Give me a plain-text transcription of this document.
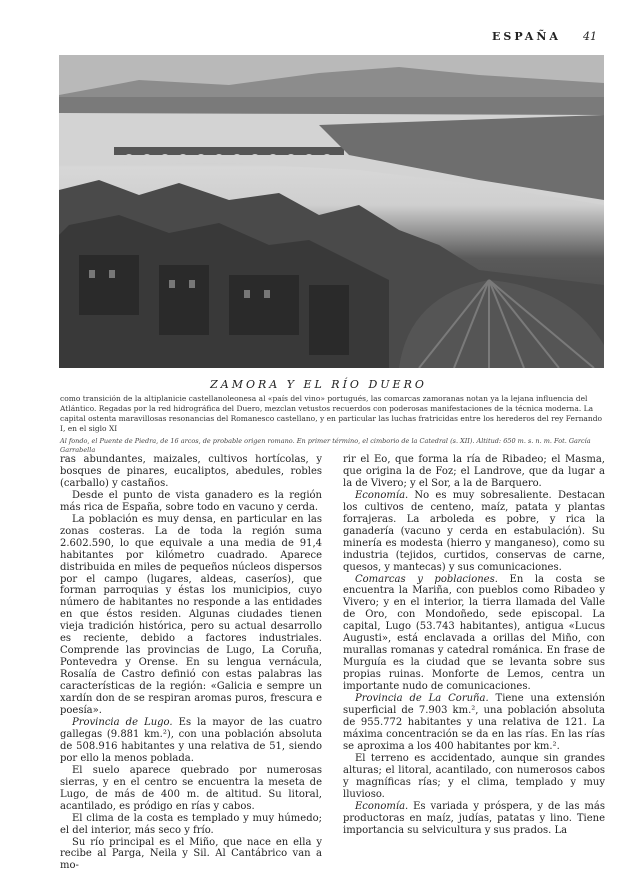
ESPAÑA 41
ZAMORA Y EL RÍO DUERO
como transición de la altiplanicie castellanoleonesa al «país del vino» portugués, las comarcas zamoranas notan ya la lejana influencia del Atlántico. Regadas por la red hidrográfica del Duero, mezclan vetustos recuerdos con poderosas manifestaciones de la técnica moderna. La capital ostenta maravillosas resonancias del Romanesco castellano, y en particular las luchas fratricidas entre los herederos del rey Fernando I, en el siglo XI
Al fondo, el Puente de Piedra, de 16 arcos, de probable origen romano. En primer término, el cimborio de la Catedral (s. XII). Altitud: 650 m. s. n. m. Fot. García Garrabella

ras abundantes, maizales, cultivos hortícolas, y bosques de pinares, eucaliptos, abedules, robles (carballo) y castaños.

Desde el punto de vista ganadero es la región más rica de España, sobre todo en vacuno y cerda.

La población es muy densa, en particular en las zonas costeras. La de toda la región suma 2.602.590, lo que equivale a una media de 91,4 habitantes por kilómetro cuadrado. Aparece distribuida en miles de pequeños núcleos dispersos por el campo (lugares, aldeas, caseríos), que forman parroquias y éstas los municipios, cuyo número de habitantes no responde a las entidades en que éstos residen. Algunas ciudades tienen vieja tradición histórica, pero su actual desarrollo es reciente, debido a factores industriales. Comprende las provincias de Lugo, La Coruña, Pontevedra y Orense. En su lengua vernácula, Rosalía de Castro definió con estas palabras las características de la región: «Galicia e sempre un xardín don de se respiran aromas puros, frescura e poesía».

Provincia de Lugo. Es la mayor de las cuatro gallegas (9.881 km.²), con una población absoluta de 508.916 habitantes y una relativa de 51, siendo por ello la menos poblada.

El suelo aparece quebrado por numerosas sierras, y en el centro se encuentra la meseta de Lugo, de más de 400 m. de altitud. Su litoral, acantilado, es pródigo en rías y cabos.

El clima de la costa es templado y muy húmedo; el del interior, más seco y frío.

Su río principal es el Miño, que nace en ella y recibe al Parga, Neila y Sil. Al Cantábrico van a mo-

rir el Eo, que forma la ría de Ribadeo; el Masma, que origina la de Foz; el Landrove, que da lugar a la de Vivero; y el Sor, a la de Barquero.

Economía. No es muy sobresaliente. Destacan los cultivos de centeno, maíz, patata y plantas forrajeras. La arboleda es pobre, y rica la ganadería (vacuno y cerda en estabulación). Su minería es modesta (hierro y manganeso), como su industria (tejidos, curtidos, conservas de carne, quesos, y mantecas) y sus comunicaciones.

Comarcas y poblaciones. En la costa se encuentra la Mariña, con pueblos como Ribadeo y Vivero; y en el interior, la tierra llamada del Valle de Oro, con Mondoñedo, sede episcopal. La capital, Lugo (53.743 habitantes), antigua «Lucus Augusti», está enclavada a orillas del Miño, con murallas romanas y catedral románica. En frase de Murguía es la ciudad que se levanta sobre sus propias ruinas. Monforte de Lemos, centra un importante nudo de comunicaciones.

Provincia de La Coruña. Tiene una extensión superficial de 7.903 km.², una población absoluta de 955.772 habitantes y una relativa de 121. La máxima concentración se da en las rías. En las rías se aproxima a los 400 habitantes por km.².

El terreno es accidentado, aunque sin grandes alturas; el litoral, acantilado, con numerosos cabos y magníficas rías; y el clima, templado y muy lluvioso.

Economía. Es variada y próspera, y de las más productoras en maíz, judías, patatas y lino. Tiene importancia su selvicultura y sus prados. La
